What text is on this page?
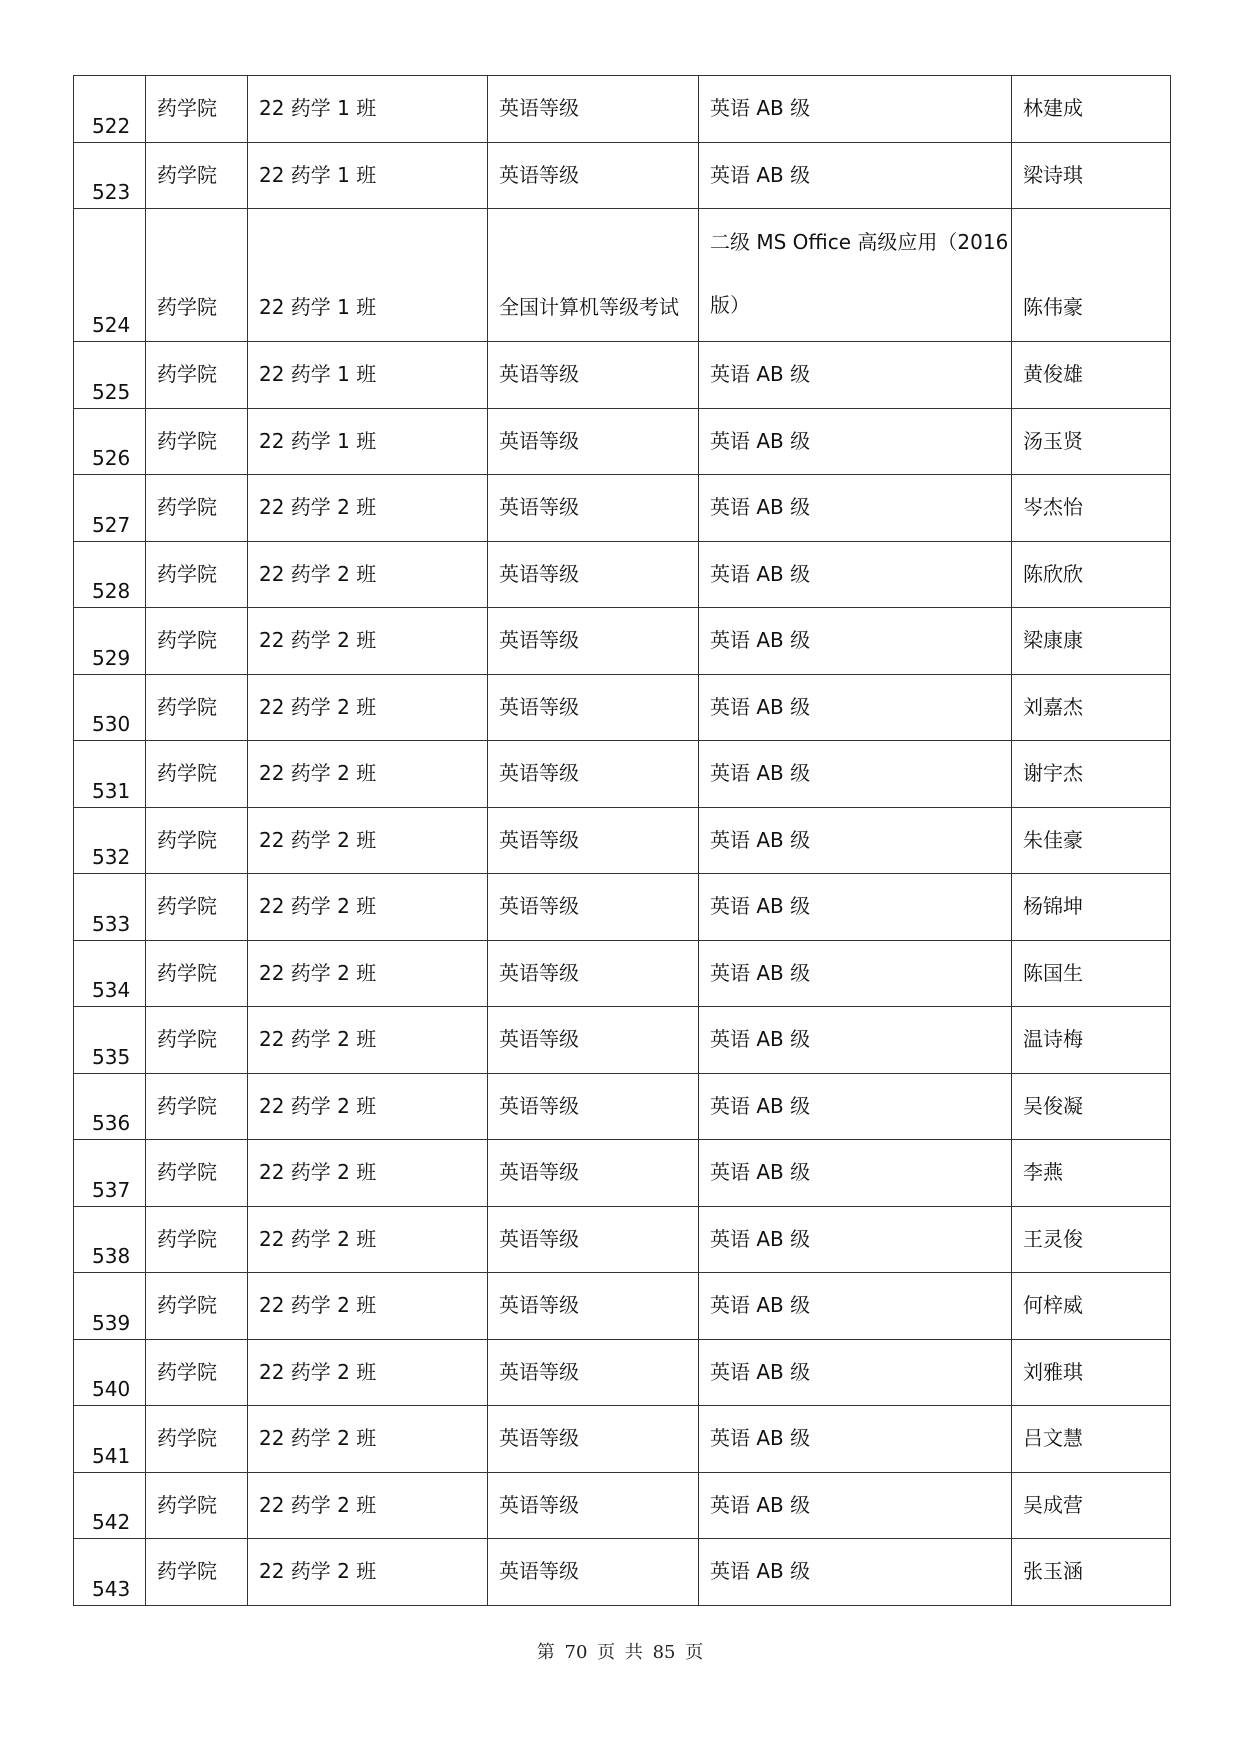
522	药学院	22 药学 1 班	英语等级	英语 AB 级	林建成
523	药学院	22 药学 1 班	英语等级	英语 AB 级	梁诗琪
524	药学院	22 药学 1 班	全国计算机等级考试	二级 MS Office 高级应用（2016 版）	陈伟豪
525	药学院	22 药学 1 班	英语等级	英语 AB 级	黄俊雄
526	药学院	22 药学 1 班	英语等级	英语 AB 级	汤玉贤
527	药学院	22 药学 2 班	英语等级	英语 AB 级	岑杰怡
528	药学院	22 药学 2 班	英语等级	英语 AB 级	陈欣欣
529	药学院	22 药学 2 班	英语等级	英语 AB 级	梁康康
530	药学院	22 药学 2 班	英语等级	英语 AB 级	刘嘉杰
531	药学院	22 药学 2 班	英语等级	英语 AB 级	谢宇杰
532	药学院	22 药学 2 班	英语等级	英语 AB 级	朱佳豪
533	药学院	22 药学 2 班	英语等级	英语 AB 级	杨锦坤
534	药学院	22 药学 2 班	英语等级	英语 AB 级	陈国生
535	药学院	22 药学 2 班	英语等级	英语 AB 级	温诗梅
536	药学院	22 药学 2 班	英语等级	英语 AB 级	吴俊凝
537	药学院	22 药学 2 班	英语等级	英语 AB 级	李燕
538	药学院	22 药学 2 班	英语等级	英语 AB 级	王灵俊
539	药学院	22 药学 2 班	英语等级	英语 AB 级	何梓威
540	药学院	22 药学 2 班	英语等级	英语 AB 级	刘雅琪
541	药学院	22 药学 2 班	英语等级	英语 AB 级	吕文慧
542	药学院	22 药学 2 班	英语等级	英语 AB 级	吴成营
543	药学院	22 药学 2 班	英语等级	英语 AB 级	张玉涵
第 70 页 共 85 页
